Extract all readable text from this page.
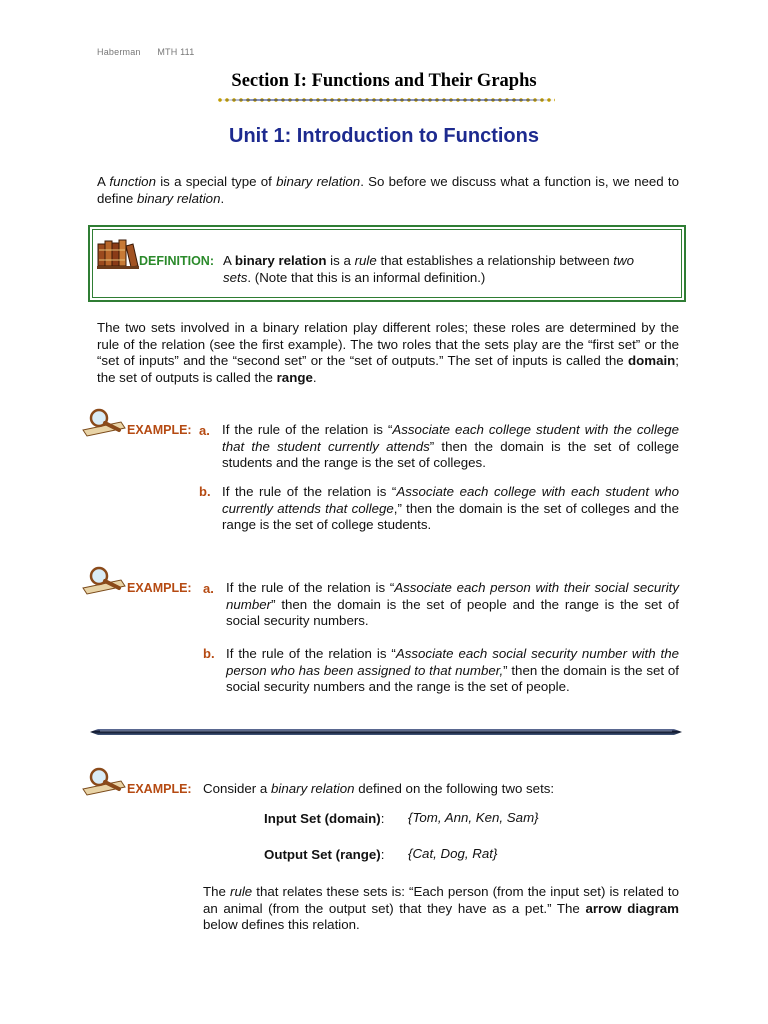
Haberman MTH 111
Section I: Functions and Their Graphs
Unit 1: Introduction to Functions
A function is a special type of binary relation. So before we discuss what a function is, we need to define binary relation.
DEFINITION: A binary relation is a rule that establishes a relationship between two sets. (Note that this is an informal definition.)
The two sets involved in a binary relation play different roles; these roles are determined by the rule of the relation (see the first example). The two roles that the sets play are the “first set” or the “set of inputs” and the “second set” or the “set of outputs.” The set of inputs is called the domain; the set of outputs is called the range.
EXAMPLE: a. If the rule of the relation is “Associate each college student with the college that the student currently attends” then the domain is the set of college students and the range is the set of colleges.
b. If the rule of the relation is “Associate each college with each student who currently attends that college,” then the domain is the set of colleges and the range is the set of college students.
EXAMPLE: a. If the rule of the relation is “Associate each person with their social security number” then the domain is the set of people and the range is the set of social security numbers.
b. If the rule of the relation is “Associate each social security number with the person who has been assigned to that number,” then the domain is the set of social security numbers and the range is the set of people.
EXAMPLE: Consider a binary relation defined on the following two sets:
Input Set (domain): {Tom, Ann, Ken, Sam}
Output Set (range): {Cat, Dog, Rat}
The rule that relates these sets is: “Each person (from the input set) is related to an animal (from the output set) that they have as a pet.” The arrow diagram below defines this relation.
